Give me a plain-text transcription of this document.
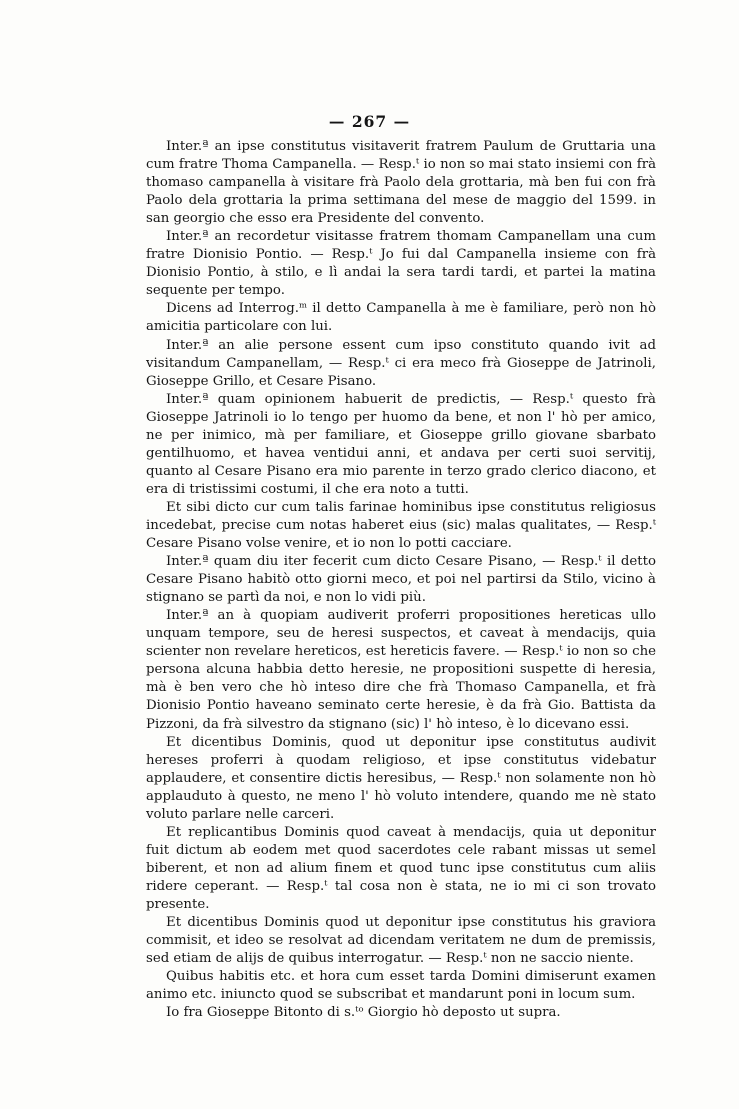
— 267 —

Inter.ª an ipse constitutus visitaverit fratrem Paulum de Gruttaria una cum fratre Thoma Campanella. — Resp.ᵗ io non so mai stato insiemi con frà thomaso campanella à visitare frà Paolo dela grottaria, mà ben fui con frà Paolo dela grottaria la prima settimana del mese de maggio del 1599. in san georgio che esso era Presidente del convento.

Inter.ª an recordetur visitasse fratrem thomam Campanellam una cum fratre Dionisio Pontio. — Resp.ᵗ Jo fui dal Campanella insieme con frà Dionisio Pontio, à stilo, e lì andai la sera tardi tardi, et partei la matina sequente per tempo.

Dicens ad Interrog.ᵐ il detto Campanella à me è familiare, però non hò amicitia particolare con lui.

Inter.ª an alie persone essent cum ipso constituto quando ivit ad visitandum Campanellam, — Resp.ᵗ ci era meco frà Gioseppe de Jatrinoli, Gioseppe Grillo, et Cesare Pisano.

Inter.ª quam opinionem habuerit de predictis, — Resp.ᵗ questo frà Gioseppe Jatrinoli io lo tengo per huomo da bene, et non l' hò per amico, ne per inimico, mà per familiare, et Gioseppe grillo giovane sbarbato gentilhuomo, et havea ventidui anni, et andava per certi suoi servitij, quanto al Cesare Pisano era mio parente in terzo grado clerico diacono, et era di tristissimi costumi, il che era noto a tutti.

Et sibi dicto cur cum talis farinae hominibus ipse constitutus religiosus incedebat, precise cum notas haberet eius (sic) malas qualitates, — Resp.ᵗ Cesare Pisano volse venire, et io non lo potti cacciare.

Inter.ª quam diu iter fecerit cum dicto Cesare Pisano, — Resp.ᵗ il detto Cesare Pisano habitò otto giorni meco, et poi nel partirsi da Stilo, vicino à stignano se partì da noi, e non lo vidi più.

Inter.ª an à quopiam audiverit proferri propositiones hereticas ullo unquam tempore, seu de heresi suspectos, et caveat à mendacijs, quia scienter non revelare hereticos, est hereticis favere. — Resp.ᵗ io non so che persona alcuna habbia detto heresie, ne propositioni suspette di heresia, mà è ben vero che hò inteso dire che frà Thomaso Campanella, et frà Dionisio Pontio haveano seminato certe heresie, è da frà Gio. Battista da Pizzoni, da frà silvestro da stignano (sic) l' hò inteso, è lo dicevano essi.

Et dicentibus Dominis, quod ut deponitur ipse constitutus audivit hereses proferri à quodam religioso, et ipse constitutus videbatur applaudere, et consentire dictis heresibus, — Resp.ᵗ non solamente non hò applauduto à questo, ne meno l' hò voluto intendere, quando me nè stato voluto parlare nelle carceri.

Et replicantibus Dominis quod caveat à mendacijs, quia ut deponitur fuit dictum ab eodem met quod sacerdotes cele rabant missas ut semel biberent, et non ad alium finem et quod tunc ipse constitutus cum aliis ridere ceperant. — Resp.ᵗ tal cosa non è stata, ne io mi ci son trovato presente.

Et dicentibus Dominis quod ut deponitur ipse constitutus his graviora commisit, et ideo se resolvat ad dicendam veritatem ne dum de premissis, sed etiam de alijs de quibus interrogatur. — Resp.ᵗ non ne saccio niente.

Quibus habitis etc. et hora cum esset tarda Domini dimiserunt examen animo etc. iniuncto quod se subscribat et mandarunt poni in locum sum.

Io fra Gioseppe Bitonto di s.ᵗᵒ Giorgio hò deposto ut supra.
